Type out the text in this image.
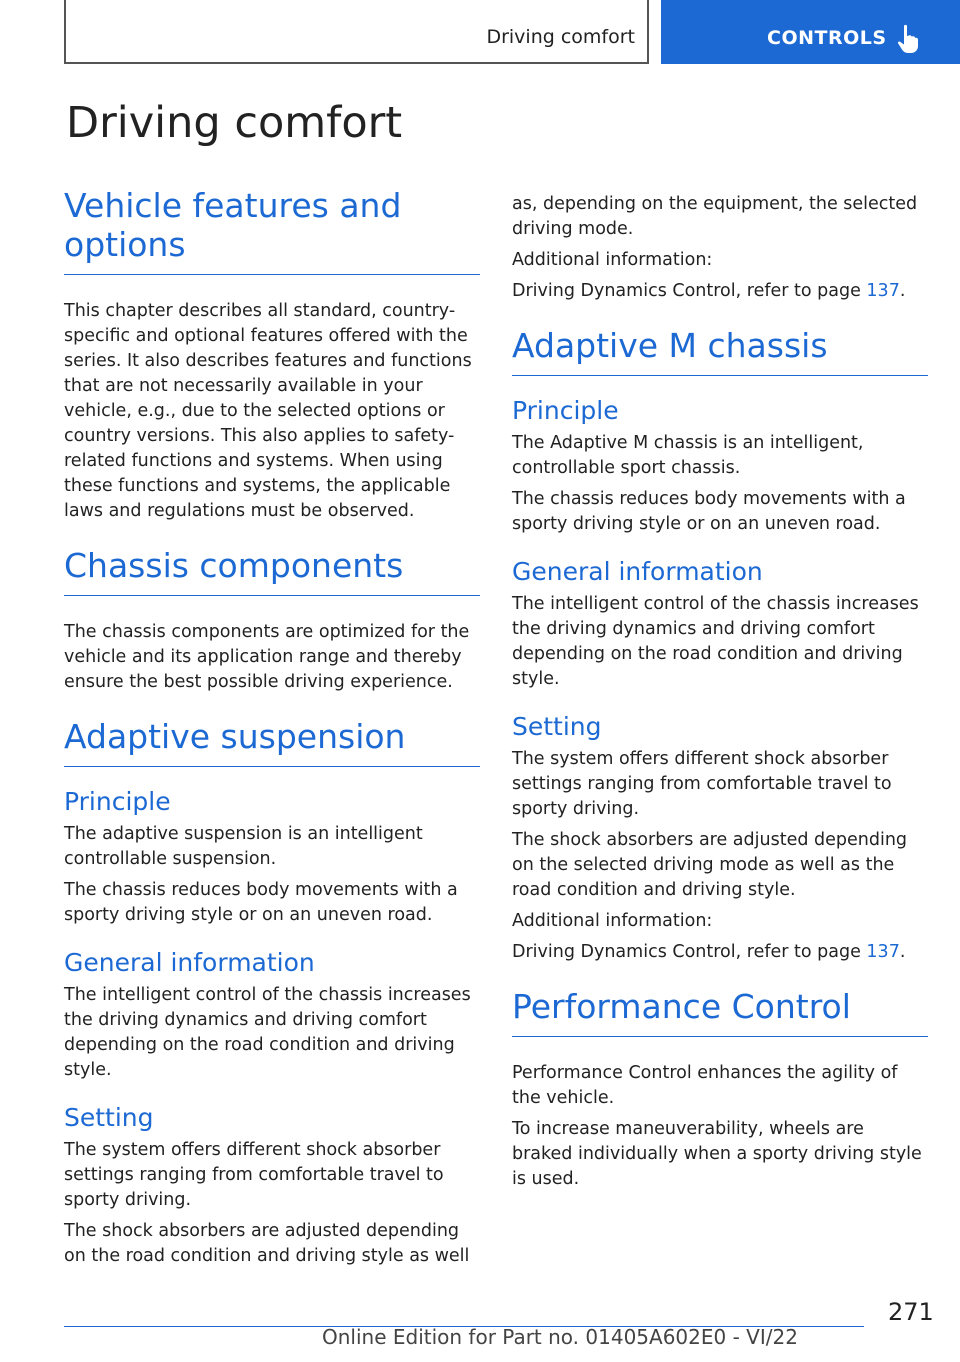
Driving comfort	CONTROLS
Driving comfort
Vehicle features and options

This chapter describes all standard, country-specific and optional features offered with the series. It also describes features and functions that are not necessarily available in your vehicle, e.g., due to the selected options or country versions. This also applies to safety-related functions and systems. When using these functions and systems, the applicable laws and regulations must be observed.

Chassis components

The chassis components are optimized for the vehicle and its application range and thereby ensure the best possible driving experience.

Adaptive suspension
Principle

The adaptive suspension is an intelligent controllable suspension.

The chassis reduces body movements with a sporty driving style or on an uneven road.

General information

The intelligent control of the chassis increases the driving dynamics and driving comfort depending on the road condition and driving style.

Setting

The system offers different shock absorber settings ranging from comfortable travel to sporty driving.

The shock absorbers are adjusted depending on the road condition and driving style as well

as, depending on the equipment, the selected driving mode.

Additional information:

Driving Dynamics Control, refer to page 137.

Adaptive M chassis
Principle

The Adaptive M chassis is an intelligent, controllable sport chassis.

The chassis reduces body movements with a sporty driving style or on an uneven road.

General information

The intelligent control of the chassis increases the driving dynamics and driving comfort depending on the road condition and driving style.

Setting

The system offers different shock absorber settings ranging from comfortable travel to sporty driving.

The shock absorbers are adjusted depending on the selected driving mode as well as the road condition and driving style.

Additional information:

Driving Dynamics Control, refer to page 137.

Performance Control

Performance Control enhances the agility of the vehicle.

To increase maneuverability, wheels are braked individually when a sporty driving style is used.

271
Online Edition for Part no. 01405A602E0 - VI/22
